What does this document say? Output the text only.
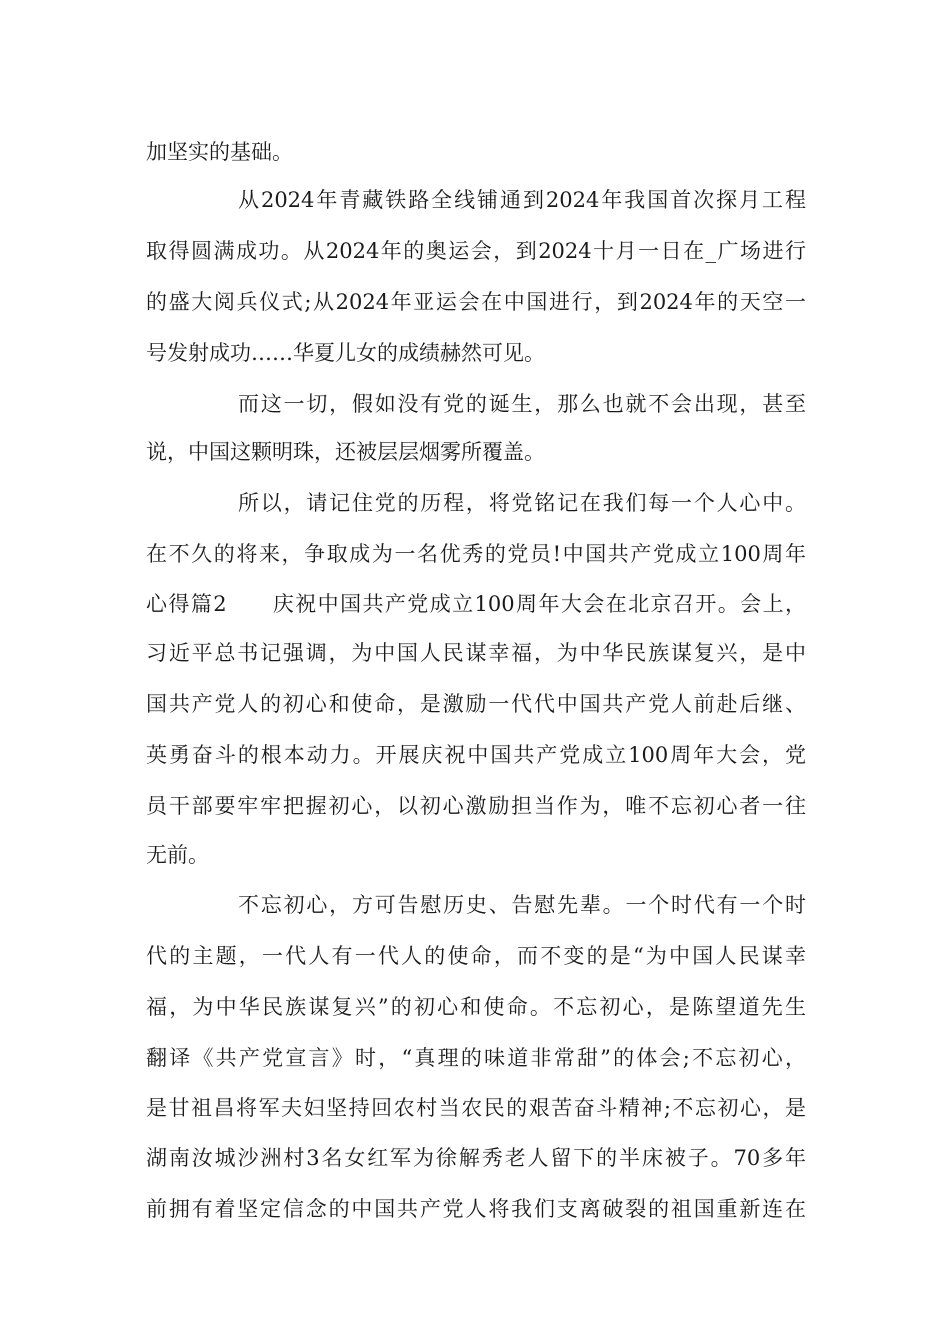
加坚实的基础。
从2024年青藏铁路全线铺通到2024年我国首次探月工程
取得圆满成功。从2024年的奥运会，到2024十月一日在_广场进行
的盛大阅兵仪式;从2024年亚运会在中国进行，到2024年的天空一
号发射成功……华夏儿女的成绩赫然可见。
而这一切，假如没有党的诞生，那么也就不会出现，甚至
说，中国这颗明珠，还被层层烟雾所覆盖。
所以，请记住党的历程，将党铭记在我们每一个人心中。
在不久的将来，争取成为一名优秀的党员!中国共产党成立100周年
心得篇2　　庆祝中国共产党成立100周年大会在北京召开。会上，
习近平总书记强调，为中国人民谋幸福，为中华民族谋复兴，是中
国共产党人的初心和使命，是激励一代代中国共产党人前赴后继、
英勇奋斗的根本动力。开展庆祝中国共产党成立100周年大会，党
员干部要牢牢把握初心，以初心激励担当作为，唯不忘初心者一往
无前。
不忘初心，方可告慰历史、告慰先辈。一个时代有一个时
代的主题，一代人有一代人的使命，而不变的是“为中国人民谋幸
福，为中华民族谋复兴”的初心和使命。不忘初心，是陈望道先生
翻译《共产党宣言》时，“真理的味道非常甜”的体会;不忘初心，
是甘祖昌将军夫妇坚持回农村当农民的艰苦奋斗精神;不忘初心，是
湖南汝城沙洲村3名女红军为徐解秀老人留下的半床被子。70多年
前拥有着坚定信念的中国共产党人将我们支离破裂的祖国重新连在
